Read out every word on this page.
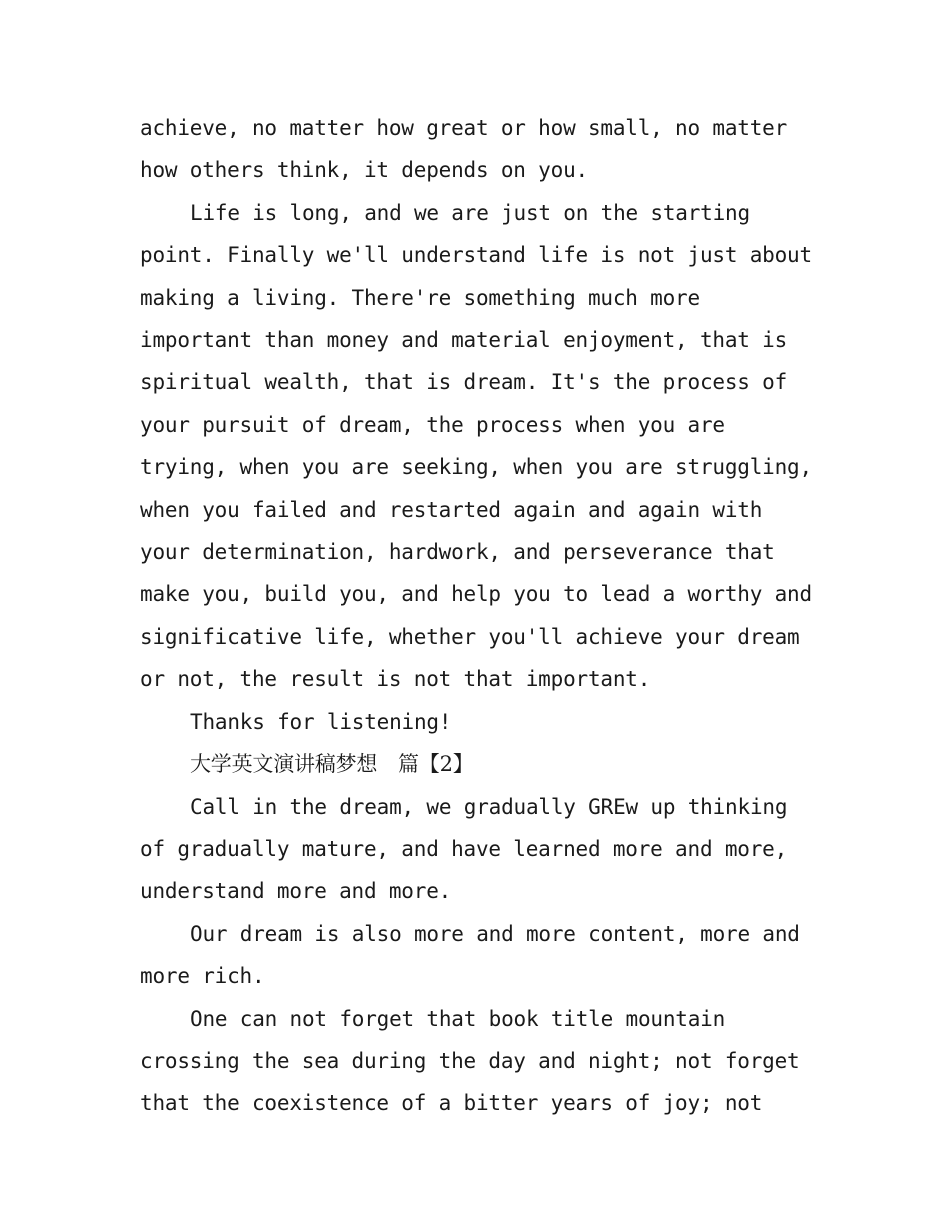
achieve, no matter how great or how small, no matter how others think, it depends on you.

Life is long, and we are just on the starting point. Finally we'll understand life is not just about making a living. There're something much more important than money and material enjoyment, that is spiritual wealth, that is dream. It's the process of your pursuit of dream, the process when you are trying, when you are seeking, when you are struggling, when you failed and restarted again and again with your determination, hardwork, and perseverance that make you, build you, and help you to lead a worthy and significative life, whether you'll achieve your dream or not, the result is not that important.

Thanks for listening!

大学英文演讲稿梦想　篇【2】

Call in the dream, we gradually GREw up thinking of gradually mature, and have learned more and more, understand more and more.

Our dream is also more and more content, more and more rich.

One can not forget that book title mountain crossing the sea during the day and night; not forget that the coexistence of a bitter years of joy; not
